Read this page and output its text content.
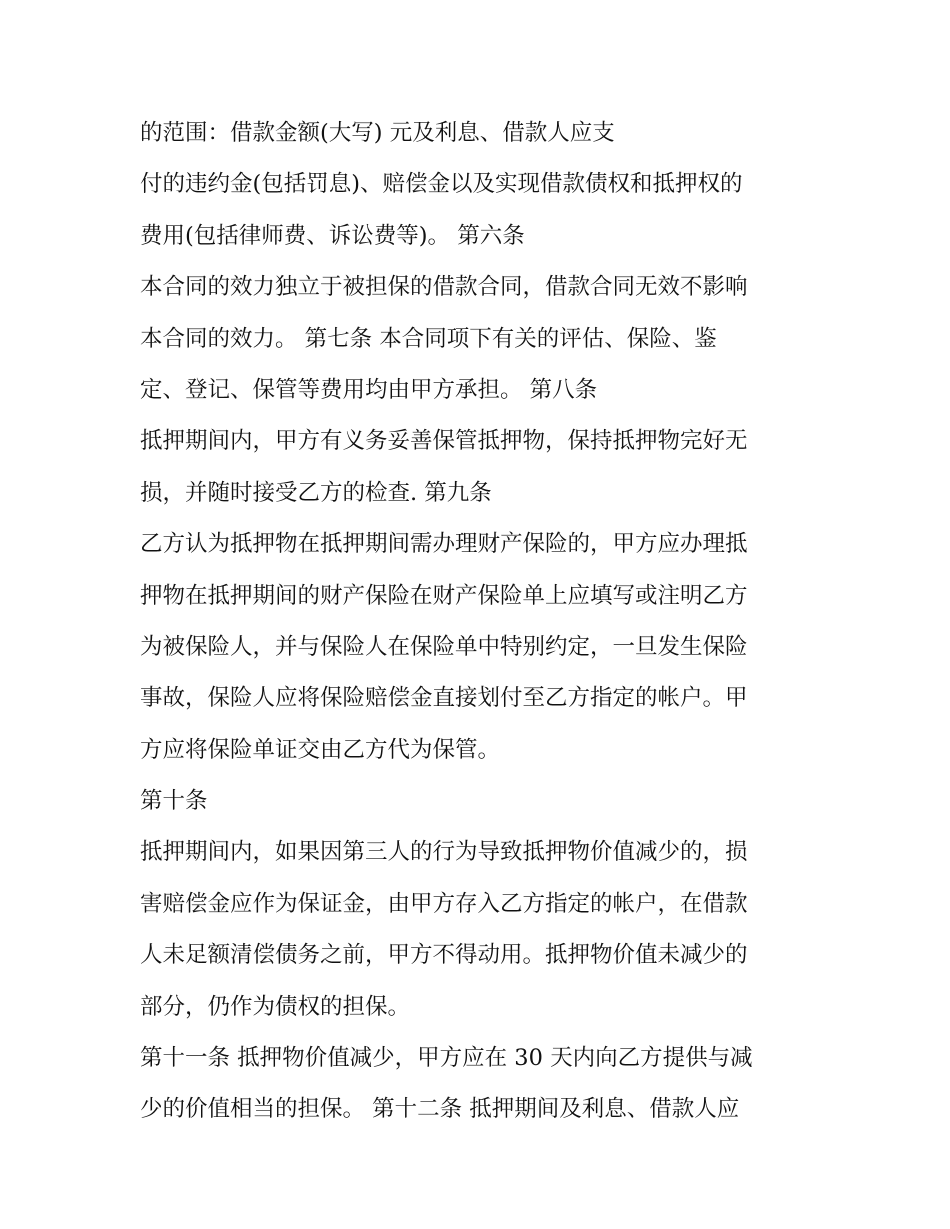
的范围：借款金额(大写) 元及利息、借款人应支
付的违约金(包括罚息)、赔偿金以及实现借款债权和抵押权的
费用(包括律师费、诉讼费等)。 第六条
本合同的效力独立于被担保的借款合同，借款合同无效不影响
本合同的效力。 第七条 本合同项下有关的评估、保险、鉴
定、登记、保管等费用均由甲方承担。 第八条
抵押期间内，甲方有义务妥善保管抵押物，保持抵押物完好无
损，并随时接受乙方的检查. 第九条
乙方认为抵押物在抵押期间需办理财产保险的，甲方应办理抵
押物在抵押期间的财产保险在财产保险单上应填写或注明乙方
为被保险人，并与保险人在保险单中特别约定，一旦发生保险
事故，保险人应将保险赔偿金直接划付至乙方指定的帐户。甲
方应将保险单证交由乙方代为保管。
第十条
抵押期间内，如果因第三人的行为导致抵押物价值减少的，损
害赔偿金应作为保证金，由甲方存入乙方指定的帐户，在借款
人未足额清偿债务之前，甲方不得动用。抵押物价值未减少的
部分，仍作为债权的担保。
第十一条 抵押物价值减少，甲方应在 30 天内向乙方提供与减
少的价值相当的担保。 第十二条 抵押期间及利息、借款人应
